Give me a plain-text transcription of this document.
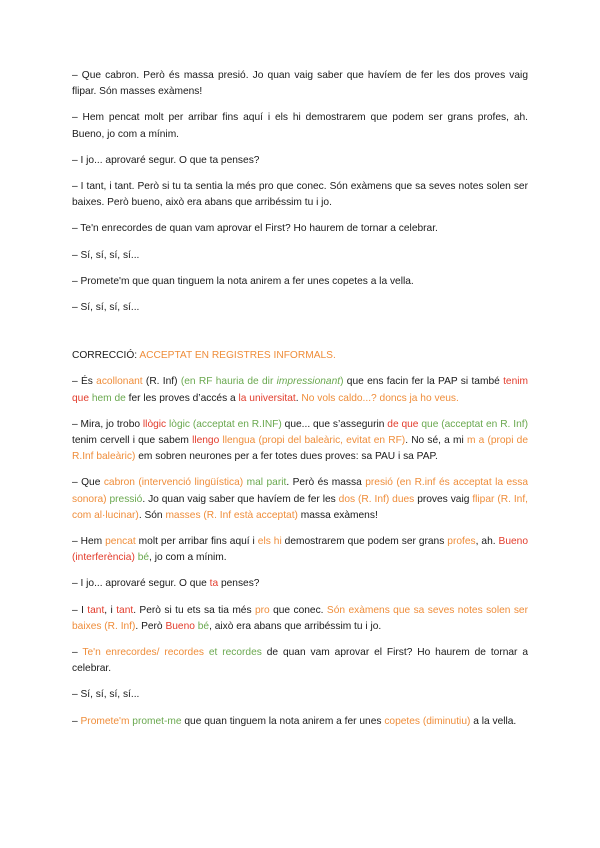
– Que cabron. Però és massa presió. Jo quan vaig saber que havíem de fer les dos proves vaig flipar. Són masses exàmens!

– Hem pencat molt per arribar fins aquí i els hi demostrarem que podem ser grans profes, ah. Bueno, jo com a mínim.

– I jo... aprovaré segur. O que ta penses?

– I tant, i tant. Però si tu ta sentia la més pro que conec. Són exàmens que sa seves notes solen ser baixes. Però bueno, això era abans que arribéssim tu i jo.

– Te'n enrecordes de quan vam aprovar el First? Ho haurem de tornar a celebrar.

– Sí, sí, sí, sí...

– Promete'm que quan tinguem la nota anirem a fer unes copetes a la vella.

– Sí, sí, sí, sí...

CORRECCIÓ: ACCEPTAT EN REGISTRES INFORMALS.

– És acollonant (R. Inf) (en RF hauria de dir impressionant) que ens facin fer la PAP si també tenim que hem de fer les proves d’accés a la universitat. No vols caldo...? doncs ja ho veus.

– Mira, jo trobo llògic lògic (acceptat en R.INF) que... que s’assegurin de que que (acceptat en R. Inf) tenim cervell i que sabem llengo llengua (propi del baleàric, evitat en RF). No sé, a mi m a (propi de R.Inf baleàric) em sobren neurones per a fer totes dues proves: sa PAU i sa PAP.

– Que cabron (intervenció lingüística) mal parit. Però és massa presió (en R.inf és acceptat la essa sonora) pressió. Jo quan vaig saber que havíem de fer les dos (R. Inf) dues proves vaig flipar (R. Inf, com al·lucinar). Són masses (R. Inf està acceptat) massa exàmens!

– Hem pencat molt per arribar fins aquí i els hi demostrarem que podem ser grans profes, ah. Bueno (interferència) bé, jo com a mínim.

– I jo... aprovaré segur. O que ta penses?

– I tant, i tant. Però si tu ets sa tia més pro que conec. Són exàmens que sa seves notes solen ser baixes (R. Inf). Però Bueno bé, això era abans que arribéssim tu i jo.

– Te'n enrecordes/ recordes et recordes de quan vam aprovar el First? Ho haurem de tornar a celebrar.

– Sí, sí, sí, sí...

– Promete'm promet-me que quan tinguem la nota anirem a fer unes copetes (diminutiu) a la vella.
